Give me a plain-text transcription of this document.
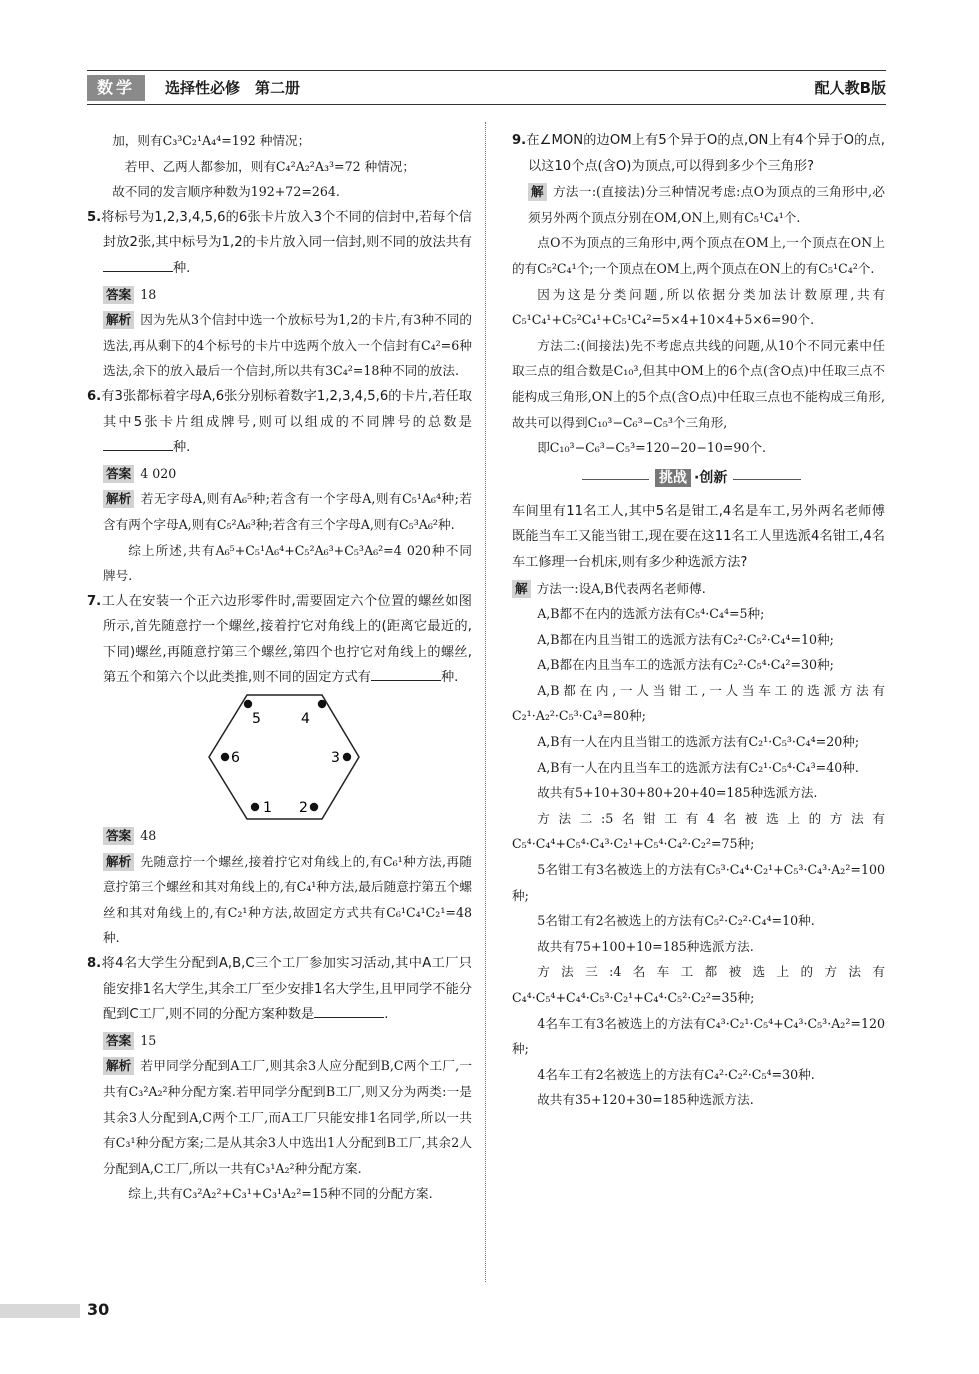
数学	选择性必修　第二册	配人教B版

加，则有C₃³C₂¹A₄⁴=192 种情况；

若甲、乙两人都参加，则有C₄²A₂²A₃³=72 种情况；

故不同的发言顺序种数为192+72=264.

5.将标号为1,2,3,4,5,6的6张卡片放入3个不同的信封中,若每个信封放2张,其中标号为1,2的卡片放入同一信封,则不同的放法共有种.

答案 18

解析 因为先从3个信封中选一个放标号为1,2的卡片,有3种不同的选法,再从剩下的4个标号的卡片中选两个放入一个信封有C₄²=6种选法,余下的放入最后一个信封,所以共有3C₄²=18种不同的放法.

6.有3张都标着字母A,6张分别标着数字1,2,3,4,5,6的卡片,若任取其中5张卡片组成牌号,则可以组成的不同牌号的总数是种.

答案 4 020

解析 若无字母A,则有A₆⁵种;若含有一个字母A,则有C₅¹A₆⁴种;若含有两个字母A,则有C₅²A₆³种;若含有三个字母A,则有C₅³A₆²种.

综上所述,共有A₆⁵+C₅¹A₆⁴+C₅²A₆³+C₅³A₆²=4 020种不同牌号.

7.工人在安装一个正六边形零件时,需要固定六个位置的螺丝如图所示,首先随意拧一个螺丝,接着拧它对角线上的(距离它最近的,下同)螺丝,再随意拧第三个螺丝,第四个也拧它对角线上的螺丝,第五个和第六个以此类推,则不同的固定方式有	种.

5	4
6	3
1 2

答案 48

解析 先随意拧一个螺丝,接着拧它对角线上的,有C₆¹种方法,再随意拧第三个螺丝和其对角线上的,有C₄¹种方法,最后随意拧第五个螺丝和其对角线上的,有C₂¹种方法,故固定方式共有C₆¹C₄¹C₂¹=48种.

8.将4名大学生分配到A,B,C三个工厂参加实习活动,其中A工厂只能安排1名大学生,其余工厂至少安排1名大学生,且甲同学不能分配到C工厂,则不同的分配方案种数是	.

答案 15

解析 若甲同学分配到A工厂,则其余3人应分配到B,C两个工厂,一共有C₃²A₂²种分配方案.若甲同学分配到B工厂,则又分为两类:一是其余3人分配到A,C两个工厂,而A工厂只能安排1名同学,所以一共有C₃¹种分配方案;二是从其余3人中选出1人分配到B工厂,其余2人分配到A,C工厂,所以一共有C₃¹A₂²种分配方案.

综上,共有C₃²A₂²+C₃¹+C₃¹A₂²=15种不同的分配方案.

9.在∠MON的边OM上有5个异于O的点,ON上有4个异于O的点,以这10个点(含O)为顶点,可以得到多少个三角形?

解 方法一:(直接法)分三种情况考虑:点O为顶点的三角形中,必须另外两个顶点分别在OM,ON上,则有C₅¹C₄¹个.

点O不为顶点的三角形中,两个顶点在OM上,一个顶点在ON上的有C₅²C₄¹个;一个顶点在OM上,两个顶点在ON上的有C₅¹C₄²个.

因为这是分类问题,所以依据分类加法计数原理,共有C₅¹C₄¹+C₅²C₄¹+C₅¹C₄²=5×4+10×4+5×6=90个.

方法二:(间接法)先不考虑点共线的问题,从10个不同元素中任取三点的组合数是C₁₀³,但其中OM上的6个点(含O点)中任取三点不能构成三角形,ON上的5个点(含O点)中任取三点也不能构成三角形,故共可以得到C₁₀³−C₆³−C₅³个三角形,

即C₁₀³−C₆³−C₅³=120−20−10=90个.

挑战 ·创新

车间里有11名工人,其中5名是钳工,4名是车工,另外两名老师傅既能当车工又能当钳工,现在要在这11名工人里选派4名钳工,4名车工修理一台机床,则有多少种选派方法?

解 方法一:设A,B代表两名老师傅.

A,B都不在内的选派方法有C₅⁴·C₄⁴=5种;

A,B都在内且当钳工的选派方法有C₂²·C₅²·C₄⁴=10种;

A,B都在内且当车工的选派方法有C₂²·C₅⁴·C₄²=30种;

A,B都在内,一人当钳工,一人当车工的选派方法有C₂¹·A₂²·C₅³·C₄³=80种;

A,B有一人在内且当钳工的选派方法有C₂¹·C₅³·C₄⁴=20种;

A,B有一人在内且当车工的选派方法有C₂¹·C₅⁴·C₄³=40种.

故共有5+10+30+80+20+40=185种选派方法.

方法二:5名钳工有4名被选上的方法有C₅⁴·C₄⁴+C₅⁴·C₄³·C₂¹+C₅⁴·C₄²·C₂²=75种;

5名钳工有3名被选上的方法有C₅³·C₄⁴·C₂¹+C₅³·C₄³·A₂²=100种;

5名钳工有2名被选上的方法有C₅²·C₂²·C₄⁴=10种.

故共有75+100+10=185种选派方法.

方法三:4名车工都被选上的方法有C₄⁴·C₅⁴+C₄⁴·C₅³·C₂¹+C₄⁴·C₅²·C₂²=35种;

4名车工有3名被选上的方法有C₄³·C₂¹·C₅⁴+C₄³·C₅³·A₂²=120种;

4名车工有2名被选上的方法有C₄²·C₂²·C₅⁴=30种.

故共有35+120+30=185种选派方法.

30
